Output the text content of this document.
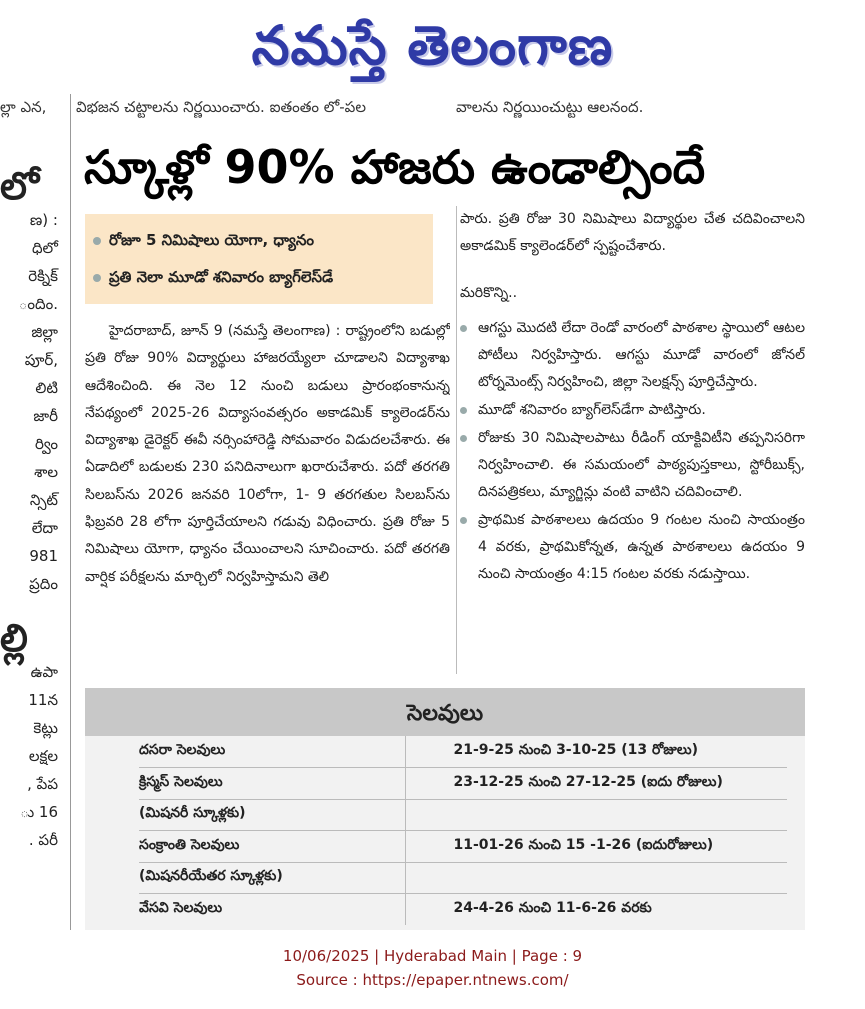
నమస్తే తెలంగాణ
ల్లా ఎన,	విభజన చట్టాలను నిర్ణయించారు. ఐతంతం లో-పల	వాలను నిర్ణయించుట్టు ఆలనంద.
లో
ణ) :
ధిలో
రెక్నిక్
ందిం.
జిల్లా
పూర్,
లిటి
జారీ
ర్విం
శాల
న్సిట్
లేదా
981
ప్రదిం
ల్లి
ఉపా
11న
కెట్లు
లక్షల
, పేప
ు 16
. పరీ
స్కూళ్లో 90% హాజరు ఉండాల్సిందే
రోజూ 5 నిమిషాలు యోగా, ధ్యానం
ప్రతి నెలా మూడో శనివారం బ్యాగ్‌లెస్‌డే

హైదరాబాద్, జూన్ 9 (నమస్తే తెలంగాణ) : రాష్ట్రంలోని బడుల్లో ప్రతి రోజు 90% విద్యార్థులు హాజరయ్యేలా చూడాలని విద్యాశాఖ ఆదేశించింది. ఈ నెల 12 నుంచి బడులు ప్రారంభంకానున్న నేపథ్యంలో 2025-26 విద్యాసంవత్సరం అకాడమిక్ క్యాలెండర్‌ను విద్యాశాఖ డైరెక్టర్ ఈవీ నర్సింహారెడ్డి సోమవారం విడుదలచేశారు. ఈ ఏడాదిలో బడులకు 230 పనిదినాలుగా ఖరారుచేశారు. పదో తరగతి సిలబస్‌ను 2026 జనవరి 10లోగా, 1- 9 తరగతుల సిలబస్‌ను ఫిబ్రవరి 28 లోగా పూర్తిచేయాలని గడువు విధించారు. ప్రతి రోజు 5 నిమిషాలు యోగా, ధ్యానం చేయించాలని సూచించారు. పదో తరగతి వార్షిక పరీక్షలను మార్చిలో నిర్వహిస్తామని తెలి

పారు. ప్రతి రోజు 30 నిమిషాలు విద్యార్థుల చేత చదివించాలని అకాడమిక్ క్యాలెండర్‌లో స్పష్టంచేశారు.
మరికొన్ని..
ఆగస్టు మొదటి లేదా రెండో వారంలో పాఠశాల స్థాయిలో ఆటల పోటీలు నిర్వహిస్తారు. ఆగస్టు మూడో వారంలో జోనల్ టోర్నమెంట్స్ నిర్వహించి, జిల్లా సెలక్షన్స్ పూర్తిచేస్తారు.
మూడో శనివారం బ్యాగ్‌లెస్‌డేగా పాటిస్తారు.
రోజుకు 30 నిమిషాలపాటు రీడింగ్ యాక్టివిటీని తప్పనిసరిగా నిర్వహించాలి. ఈ సమయంలో పాఠ్యపుస్తకాలు, స్టోరీబుక్స్, దినపత్రికలు, మ్యాగ్జిన్లు వంటి వాటిని చదివించాలి.
ప్రాథమిక పాఠశాలలు ఉదయం 9 గంటల నుంచి సాయంత్రం 4 వరకు, ప్రాథమికోన్నత, ఉన్నత పాఠశాలలు ఉదయం 9 నుంచి సాయంత్రం 4:15 గంటల వరకు నడుస్తాయి.
సెలవులు
దసరా సెలవులు	21-9-25 నుంచి 3-10-25 (13 రోజులు)
క్రిస్మస్ సెలవులు	23-12-25 నుంచి 27-12-25 (ఐదు రోజులు)
(మిషనరీ స్కూళ్లకు)	
సంక్రాంతి సెలవులు	11-01-26 నుంచి 15 -1-26 (ఐదురోజులు)
(మిషనరీయేతర స్కూళ్లకు)	
వేసవి సెలవులు	24-4-26 నుంచి 11-6-26 వరకు
10/06/2025 | Hyderabad Main | Page : 9
Source : https://epaper.ntnews.com/
